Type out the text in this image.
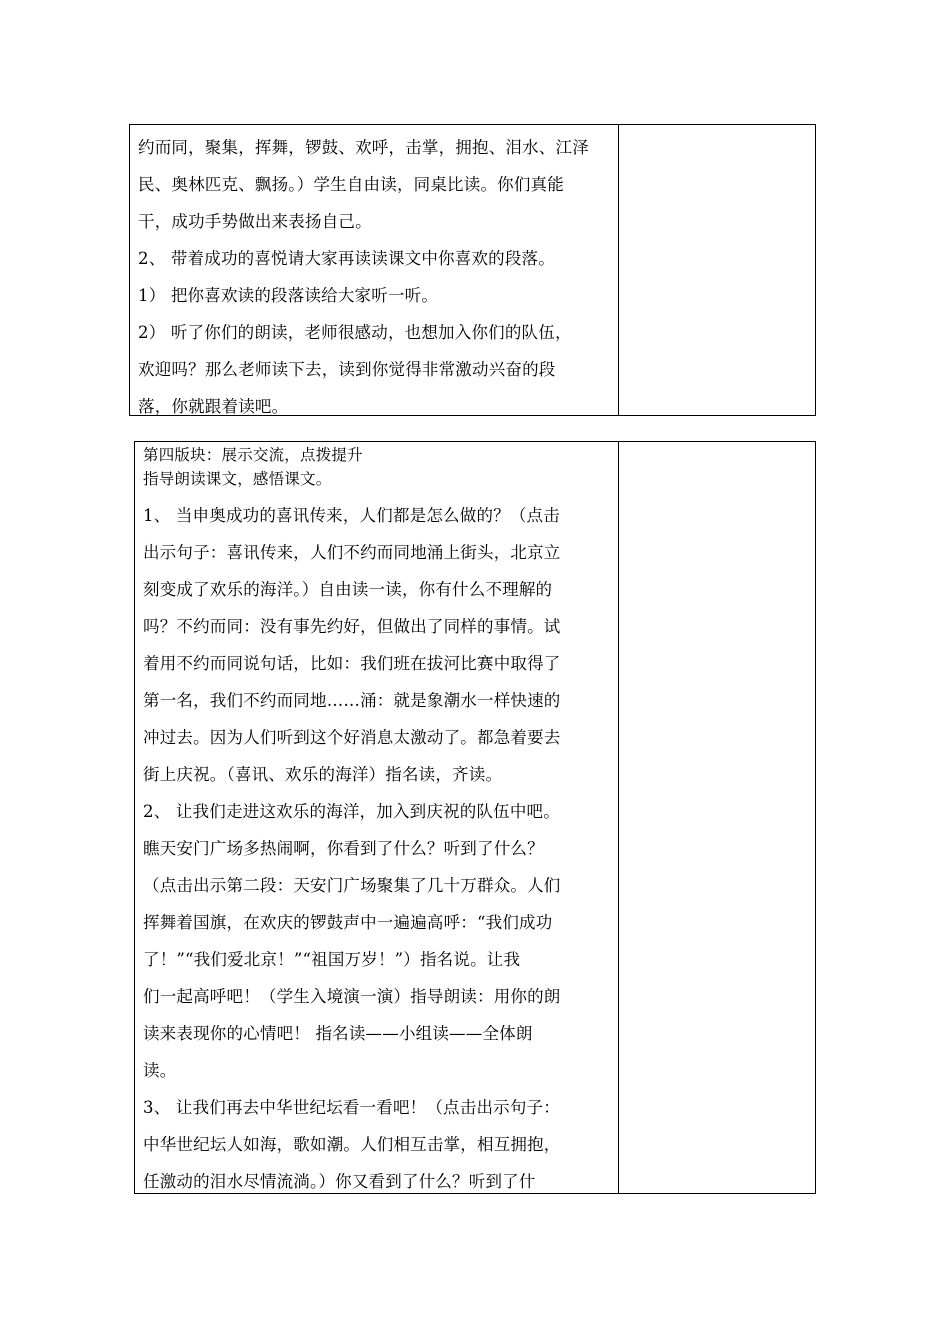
约而同，聚集，挥舞，锣鼓、欢呼，击掌，拥抱、泪水、江泽
民、奥林匹克、飘扬。）学生自由读，同桌比读。你们真能
干，成功手势做出来表扬自己。
2、 带着成功的喜悦请大家再读读课文中你喜欢的段落。
1） 把你喜欢读的段落读给大家听一听。
2） 听了你们的朗读，老师很感动，也想加入你们的队伍，
欢迎吗？那么老师读下去，读到你觉得非常激动兴奋的段
落，你就跟着读吧。
第四版块：展示交流，点拨提升
指导朗读课文，感悟课文。
1、 当申奥成功的喜讯传来，人们都是怎么做的？（点击
出示句子：喜讯传来，人们不约而同地涌上街头，北京立
刻变成了欢乐的海洋。）自由读一读，你有什么不理解的
吗？不约而同：没有事先约好，但做出了同样的事情。试
着用不约而同说句话，比如：我们班在拔河比赛中取得了
第一名，我们不约而同地……涌：就是象潮水一样快速的
冲过去。因为人们听到这个好消息太激动了。都急着要去
街上庆祝。（喜讯、欢乐的海洋）指名读，齐读。
2、 让我们走进这欢乐的海洋，加入到庆祝的队伍中吧。
瞧天安门广场多热闹啊，你看到了什么？听到了什么？
（点击出示第二段：天安门广场聚集了几十万群众。人们
挥舞着国旗，在欢庆的锣鼓声中一遍遍高呼：“我们成功
了！”“我们爱北京！”“祖国万岁！”）指名说。让我
们一起高呼吧！（学生入境演一演）指导朗读：用你的朗
读来表现你的心情吧！ 指名读——小组读——全体朗
读。
3、 让我们再去中华世纪坛看一看吧！（点击出示句子：
中华世纪坛人如海，歌如潮。人们相互击掌，相互拥抱，
任激动的泪水尽情流淌。）你又看到了什么？听到了什
